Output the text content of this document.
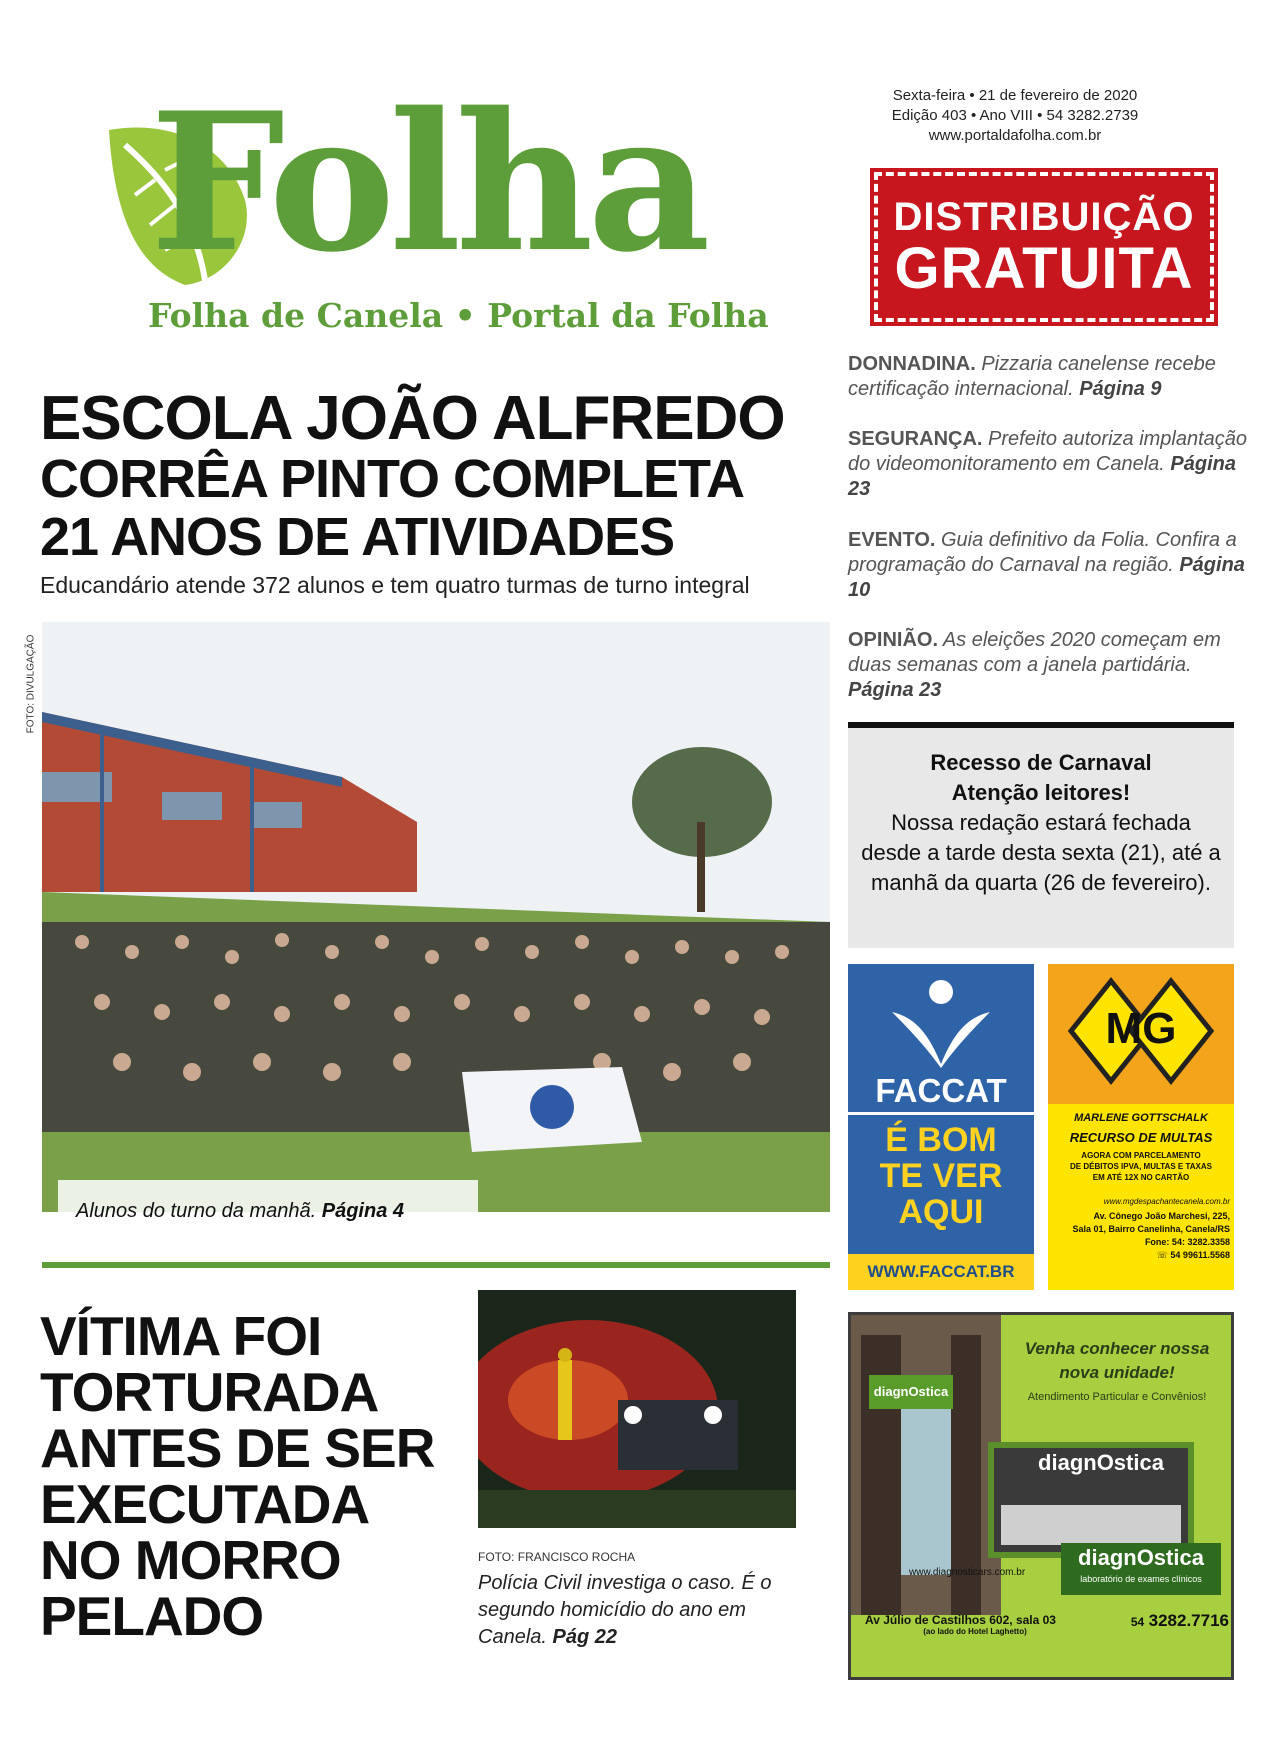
Folha
Folha de Canela • Portal da Folha
Sexta-feira • 21 de fevereiro de 2020
Edição 403 • Ano VIII • 54 3282.2739
www.portaldafolha.com.br
DISTRIBUIÇÃO
GRATUITA
ESCOLA JOÃO ALFREDO
CORRÊA PINTO COMPLETA
21 ANOS DE ATIVIDADES
Educandário atende 372 alunos e tem quatro turmas de turno integral
FOTO: DIVULGAÇÃO
Alunos do turno da manhã. Página 4
DONNADINA. Pizzaria canelense recebe certificação internacional. Página 9
SEGURANÇA. Prefeito autoriza implantação do videomonitoramento em Canela. Página 23
EVENTO. Guia definitivo da Folia. Confira a programação do Carnaval na região. Página 10
OPINIÃO. As eleições 2020 começam em duas semanas com a janela partidária. Página 23
Recesso de Carnaval
Atenção leitores!
Nossa redação estará fechada desde a tarde desta sexta (21), até a manhã da quarta (26 de fevereiro).
FACCAT
É BOM
TE VER
AQUI
WWW.FACCAT.BR
MG
MARLENE GOTTSCHALK
RECURSO DE MULTAS
AGORA COM PARCELAMENTO
DE DÉBITOS IPVA, MULTAS E TAXAS
EM ATÉ 12X NO CARTÃO
www.mgdespachantecanela.com.br
Av. Cônego João Marchesi, 225,
Sala 01, Bairro Canelinha, Canela/RS
Fone: 54: 3282.3358
☏ 54 99611.5568
Venha conhecer nossa
nova unidade!
Atendimento Particular e Convênios!
diagnOstica
diagnOstica
diagnOstica
laboratório de exames clínicos
www.diagnosticars.com.br
Av Júlio de Castilhos 602, sala 03
(ao lado do Hotel Laghetto)
54 3282.7716
VÍTIMA FOI
TORTURADA
ANTES DE SER
EXECUTADA
NO MORRO
PELADO
FOTO: FRANCISCO ROCHA
Polícia Civil investiga o caso. É o segundo homicídio do ano em Canela. Pág 22
